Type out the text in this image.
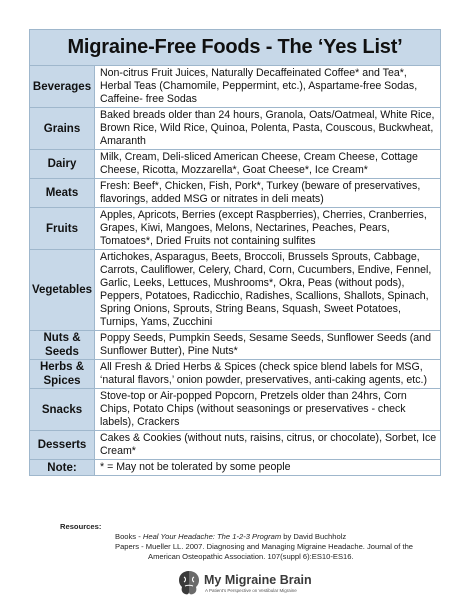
Migraine-Free Foods - The ‘Yes List’
Beverages	Non-citrus Fruit Juices, Naturally Decaffeinated Coffee* and Tea*, Herbal Teas (Chamomile, Peppermint, etc.), Aspartame-free Sodas, Caffeine- free Sodas
Grains	Baked breads older than 24 hours, Granola, Oats/Oatmeal, White Rice, Brown Rice, Wild Rice, Quinoa, Polenta, Pasta, Couscous, Buckwheat, Amaranth
Dairy	Milk, Cream, Deli-sliced American Cheese, Cream Cheese, Cottage Cheese, Ricotta, Mozzarella*, Goat Cheese*, Ice Cream*
Meats	Fresh: Beef*, Chicken, Fish, Pork*, Turkey (beware of preservatives, flavorings, added MSG or nitrates in deli meats)
Fruits	Apples, Apricots, Berries (except Raspberries), Cherries, Cranberries, Grapes, Kiwi, Mangoes, Melons, Nectarines, Peaches, Pears, Tomatoes*, Dried Fruits not containing sulfites
Vegetables	Artichokes, Asparagus, Beets, Broccoli, Brussels Sprouts, Cabbage, Carrots, Cauliflower, Celery, Chard, Corn, Cucumbers, Endive, Fennel, Garlic, Leeks, Lettuces, Mushrooms*, Okra, Peas (without pods), Peppers, Potatoes, Radicchio, Radishes, Scallions, Shallots, Spinach, Spring Onions, Sprouts, String Beans, Squash, Sweet Potatoes, Turnips, Yams, Zucchini
Nuts & Seeds	Poppy Seeds, Pumpkin Seeds, Sesame Seeds, Sunflower Seeds (and Sunflower Butter), Pine Nuts*
Herbs & Spices	All Fresh & Dried Herbs & Spices (check spice blend labels for MSG, ‘natural flavors,’ onion powder, preservatives, anti-caking agents, etc.)
Snacks	Stove-top or Air-popped Popcorn, Pretzels older than 24hrs, Corn Chips, Potato Chips (without seasonings or preservatives - check labels), Crackers
Desserts	Cakes & Cookies (without nuts, raisins, citrus, or chocolate), Sorbet, Ice Cream*
Note:	* = May not be tolerated by some people
Resources:
Books - Heal Your Headache: The 1-2-3 Program by David Buchholz
Papers - Mueller LL. 2007. Diagnosing and Managing Migraine Headache. Journal of the
American Osteopathic Association. 107(suppl 6):ES10-ES16.
My Migraine Brain
A Patient’s Perspective on Vestibular Migraine
